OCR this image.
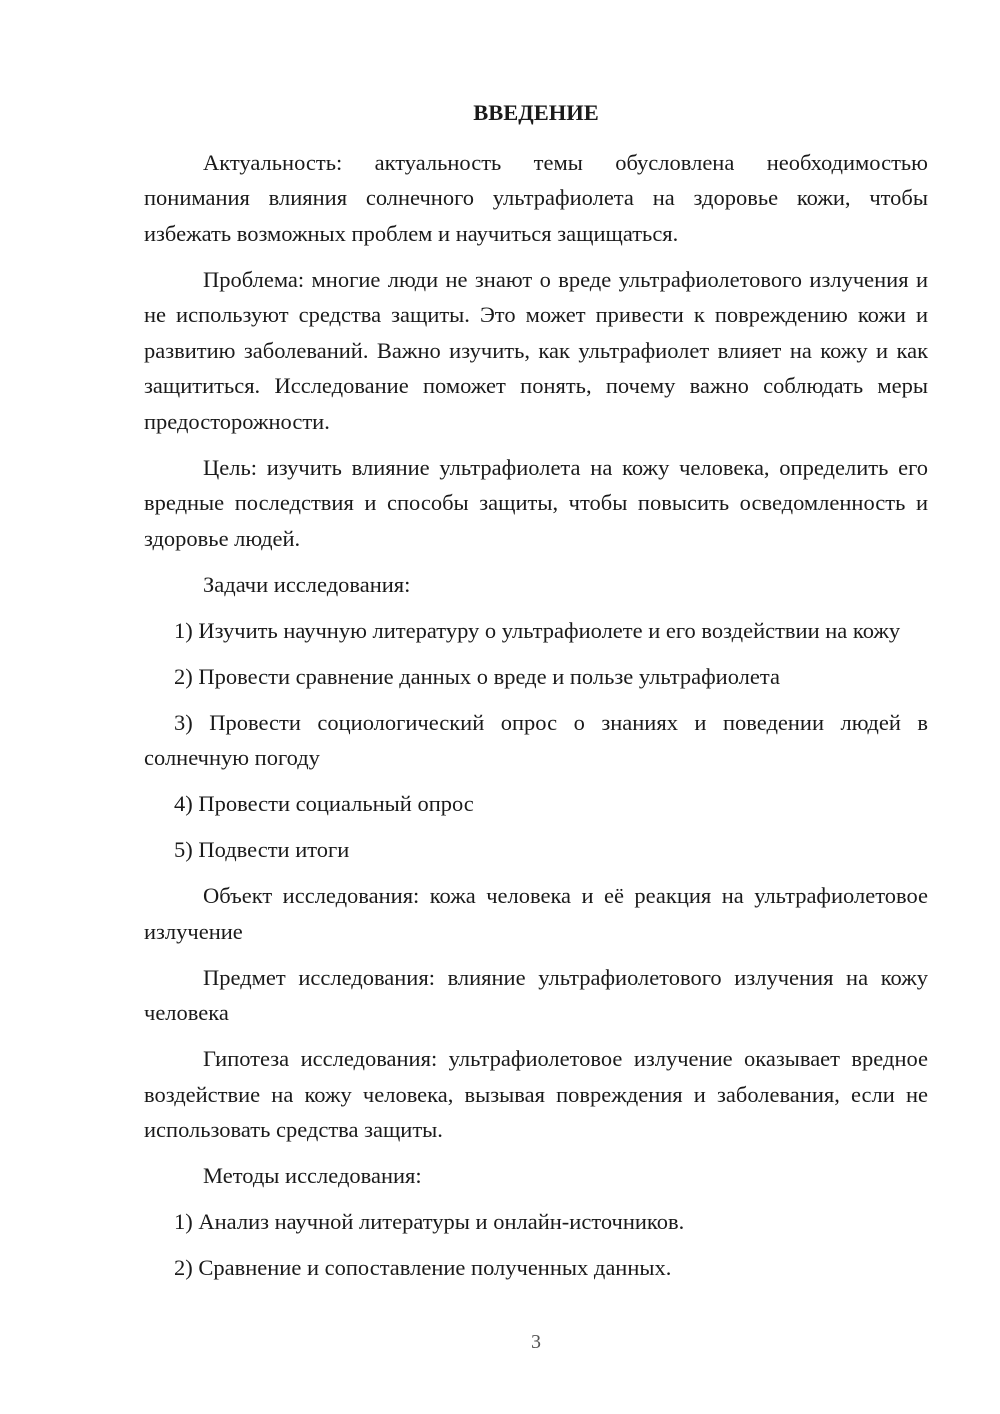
ВВЕДЕНИЕ

Актуальность: актуальность темы обусловлена необходимостью понимания влияния солнечного ультрафиолета на здоровье кожи, чтобы избежать возможных проблем и научиться защищаться.

Проблема: многие люди не знают о вреде ультрафиолетового излучения и не используют средства защиты. Это может привести к повреждению кожи и развитию заболеваний. Важно изучить, как ультрафиолет влияет на кожу и как защититься. Исследование поможет понять, почему важно соблюдать меры предосторожности.

Цель: изучить влияние ультрафиолета на кожу человека, определить его вредные последствия и способы защиты, чтобы повысить осведомленность и здоровье людей.

Задачи исследования:

1) Изучить научную литературу о ультрафиолете и его воздействии на кожу

2) Провести сравнение данных о вреде и пользе ультрафиолета

3) Провести социологический опрос о знаниях и поведении людей в солнечную погоду

4) Провести социальный опрос

5) Подвести итоги

Объект исследования: кожа человека и её реакция на ультрафиолетовое излучение

Предмет исследования: влияние ультрафиолетового излучения на кожу человека

Гипотеза исследования: ультрафиолетовое излучение оказывает вредное воздействие на кожу человека, вызывая повреждения и заболевания, если не использовать средства защиты.

Методы исследования:

1) Анализ научной литературы и онлайн-источников.

2) Сравнение и сопоставление полученных данных.

3
